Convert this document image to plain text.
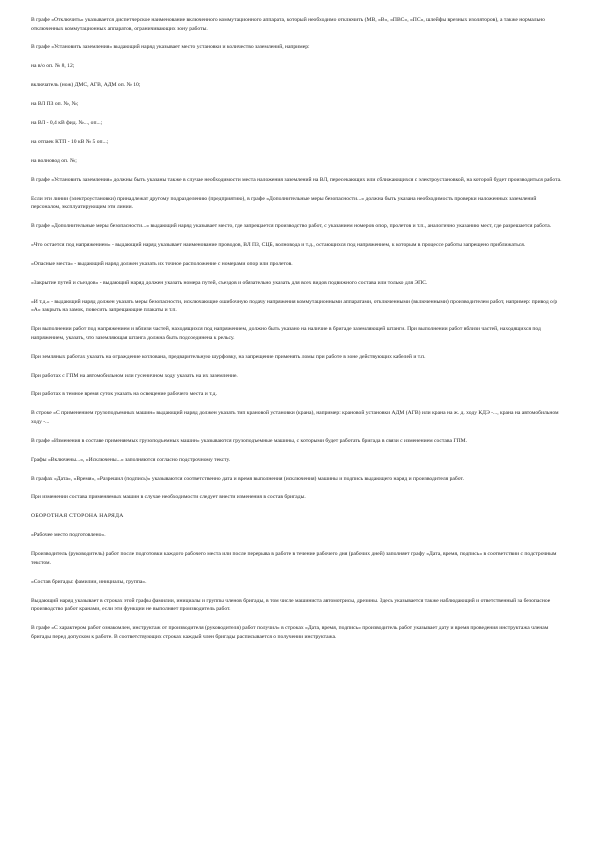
В графе «Отключить» указывается диспетчерское наименование включенного коммутационного аппарата, который необходимо отключить (МВ, «В», «ПВС», «ПС», шлейфы врезных изоляторов), а также нормально отключенных коммутационных аппаратов, ограничивающих зону работы.
В графе «Установить заземления» выдающий наряд указывает место установки и количество заземлений, например:
на в/о оп. № 8, 12;
включатель (нож) ДМС, АГВ, АДМ оп. № 10;
на ВЛ ПЗ оп. №, №;
на ВЛ - 0,4 кВ фид. №..., оп...;
на отпаек КТП - 10 кВ № 5 оп...;
на волновод оп. №;
В графе «Установить заземления» должны быть указаны также в случае необходимости места наложения заземлений на ВЛ, пересекающих или сближающихся с электроустановкой, на которой будет производиться работа.
Если эти линии (электроустановки) принадлежат другому подразделению (предприятию), в графе «Дополнительные меры безопасности...» должна быть указана необходимость проверки наложенных заземлений персоналом, эксплуатирующим эти линии.
В графе «Дополнительные меры безопасности...» выдающий наряд указывает место, где запрещается производство работ, с указанием номеров опор, пролетов и т.п., аналогично указанию мест, где разрешается работа.
«Что остается под напряжением» - выдающий наряд указывает наименование проводов, ВЛ ПЗ, СЦБ, волновода и т.д., остающихся под напряжением, к которым в процессе работы запрещено приближаться.
«Опасные места» - выдающий наряд должен указать их точное расположение с номерами опор или пролетов.
«Закрытие путей и съездов» - выдающий наряд должен указать номера путей, съездов и обязательно указать для всех видов подвижного состава или только для ЭПС.
«И т.д.» - выдающий наряд должен указать меры безопасности, исключающие ошибочную подачу напряжения коммутационными аппаратами, отключенными (включенными) производителем работ, например: привод о/р «А» закрыть на замок, повесить запрещающие плакаты и т.п.
При выполнении работ под напряжением и вблизи частей, находящихся под напряжением, должно быть указано на наличие в бригаде заземляющей штанги. При выполнении работ вблизи частей, находящихся под напряжением, указать, что заземляющая штанга должна быть подсоединена к рельсу.
При земляных работах указать на ограждение котлована, предварительную шурфовку, на запрещение применять ломы при работе в зоне действующих кабелей и т.п.
При работах с ГПМ на автомобильном или гусеничном ходу указать на их заземление.
При работах в темное время суток указать на освещение рабочего места и т.д.
В строке «С применением грузоподъемных машин» выдающий наряд должен указать тип крановой установки (крана), например: крановой установки АДМ (АГВ) или крана на ж. д. ходу КДЭ -..., крана на автомобильном ходу -...
В графе «Изменения в составе применяемых грузоподъемных машин» указываются грузоподъемные машины, с которыми будет работать бригада в связи с изменением состава ГПМ.
Графы «Включены...», «Исключены...» заполняются согласно подстрочному тексту.
В графах «Дата», «Время», «Разрешил (подпись)» указываются соответственно дата и время выполнения (исключения) машины и подпись выдающего наряд и производителя работ.
При изменении состава применяемых машин в случае необходимости следует внести изменения в состав бригады.
ОБОРОТНАЯ СТОРОНА НАРЯДА
«Рабочее место подготовлено».
Производитель (руководитель) работ после подготовки каждого рабочего места или после перерыва в работе в течение рабочего дня (рабочих дней) заполняет графу «Дата, время, подпись» в соответствии с подстрочным текстом.
«Состав бригады: фамилии, инициалы, группа».
Выдающий наряд указывает в строках этой графы фамилии, инициалы и группы членов бригады, в том числе машиниста автомотрисы, дрезины. Здесь указывается также наблюдающий и ответственный за безопасное производство работ кранами, если эти функции не выполняет производитель работ.
В графе «С характером работ ознакомлен, инструктаж от производителя (руководителя) работ получил» в строках «Дата, время, подпись» производитель работ указывает дату и время проведения инструктажа членам бригады перед допуском к работе. В соответствующих строках каждый член бригады расписывается о получении инструктажа.
